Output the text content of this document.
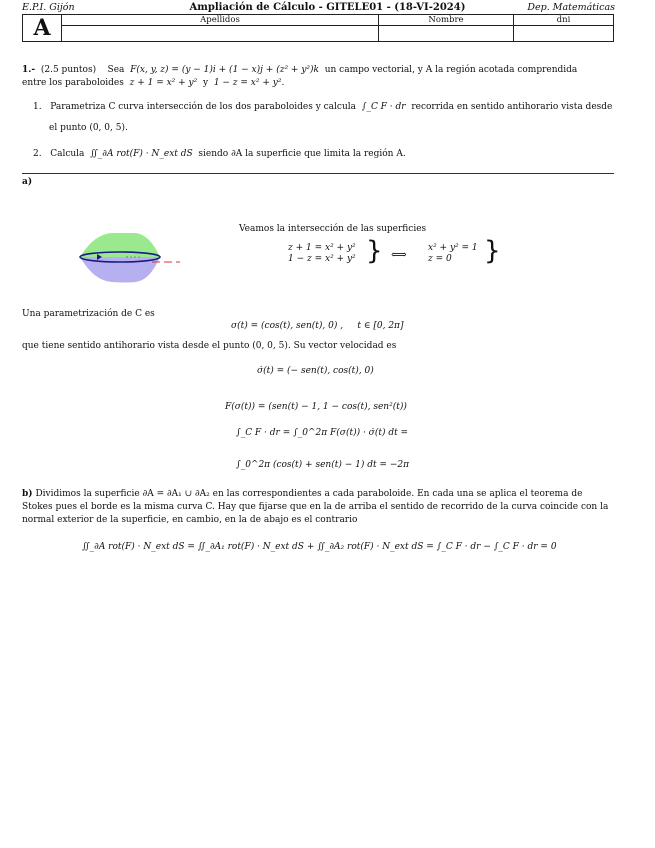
E.P.I. Gijón	Ampliación de Cálculo - GITELE01 - (18-VI-2024)	Dep. Matemáticas
A	Apellidos	Nombre	dni

1.- (2.5 puntos) Sea F(x, y, z) = (y − 1)i + (1 − x)j + (z² + y²)k un campo vectorial, y A la región acotada comprendida
entre los paraboloides z + 1 = x² + y² y 1 − z = x² + y².
1. Parametriza C curva intersección de los dos paraboloides y calcula ∫_C F · dr recorrida en sentido antihorario vista desde
el punto (0, 0, 5).
2. Calcula ∬_∂A rot(F) · N_ext dS siendo ∂A la superficie que limita la región A.
a)
Veamos la intersección de las superficies
z + 1 = x² + y²
1 − z = x² + y² } ⟺ x² + y² = 1
z = 0	}
Una parametrización de C es
σ(t) = (cos(t), sen(t), 0) ,     t ∈ [0, 2π]
que tiene sentido antihorario vista desde el punto (0, 0, 5). Su vector velocidad es
σ̇(t) = (− sen(t), cos(t), 0)
F(σ(t)) = (sen(t) − 1, 1 − cos(t), sen²(t))
∫_C F · dr = ∫_0^2π F(σ(t)) · σ̇(t) dt =
∫_0^2π (cos(t) + sen(t) − 1) dt = −2π
b) Dividimos la superficie ∂A = ∂A₁ ∪ ∂A₂ en las correspondientes a cada paraboloide. En cada una se aplica el teorema de
Stokes pues el borde es la misma curva C. Hay que fijarse que en la de arriba el sentido de recorrido de la curva coincide con la
normal exterior de la superficie, en cambio, en la de abajo es el contrario
∬_∂A rot(F) · N_ext dS = ∬_∂A₁ rot(F) · N_ext dS + ∬_∂A₂ rot(F) · N_ext dS = ∫_C F · dr − ∫_C F · dr = 0
